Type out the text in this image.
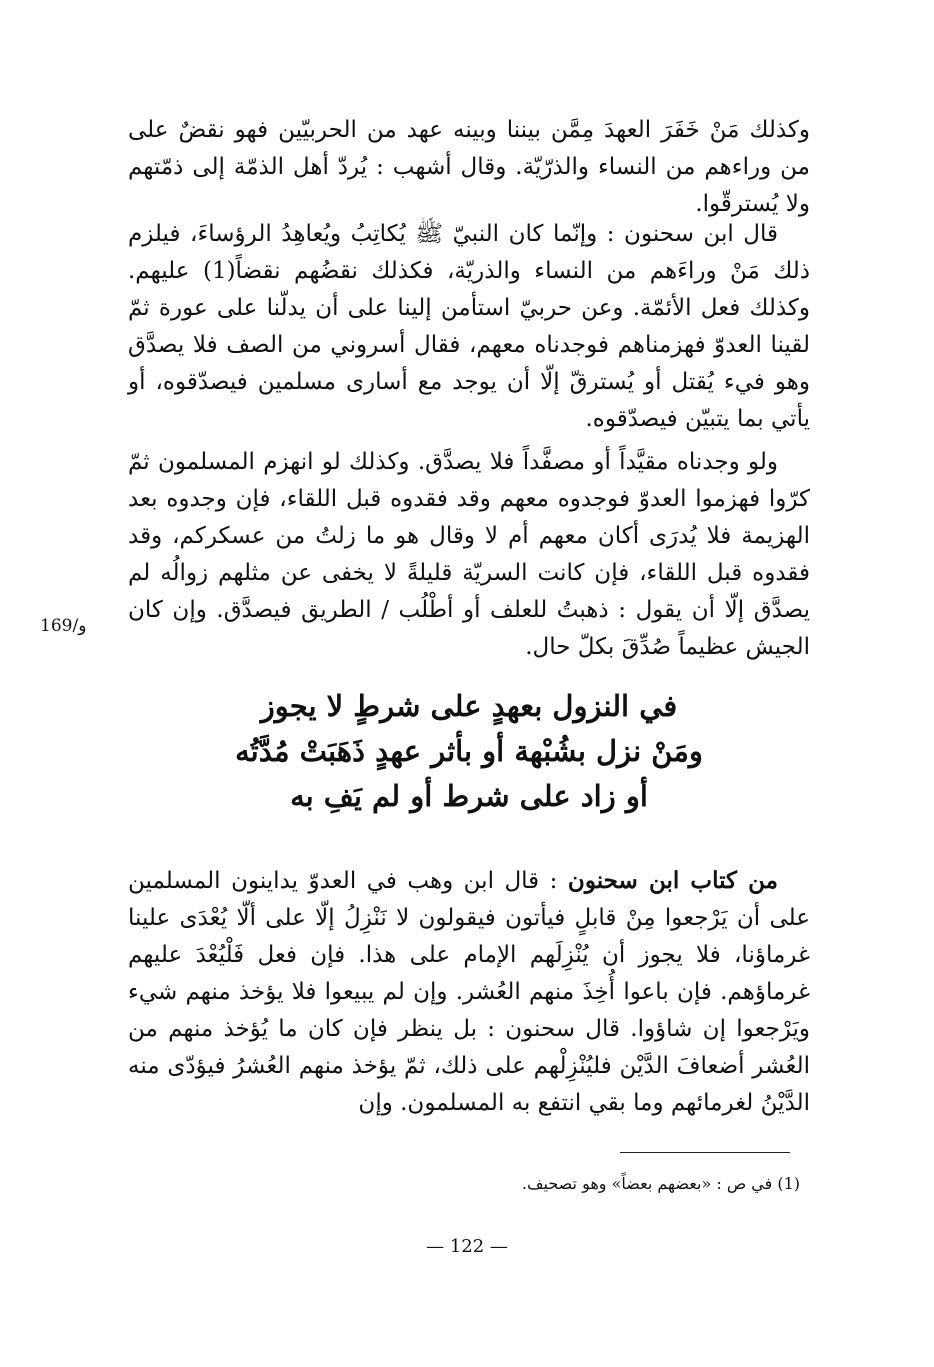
وكذلك مَنْ خَفَرَ العهدَ مِمَّن بيننا وبينه عهد من الحربيّين فهو نقضٌ على من وراءهم من النساء والذرّيّة. وقال أشهب : يُردّ أهل الذمّة إلى ذمّتهم ولا يُسترقّوا.

قال ابن سحنون : وإنّما كان النبيّ ﷺ يُكاتِبُ ويُعاهِدُ الرؤساءَ، فيلزم ذلك مَنْ وراءَهم من النساء والذريّة، فكذلك نقضُهم نقضاً(1) عليهم. وكذلك فعل الأئمّة. وعن حربيّ استأمن إلينا على أن يدلّنا على عورة ثمّ لقينا العدوّ فهزمناهم فوجدناه معهم، فقال أسروني من الصف فلا يصدَّق وهو فيء يُقتل أو يُسترقّ إلّا أن يوجد مع أسارى مسلمين فيصدّقوه، أو يأتي بما يتبيّن فيصدّقوه.

ولو وجدناه مقيَّداً أو مصفَّداً فلا يصدَّق. وكذلك لو انهزم المسلمون ثمّ كرّوا فهزموا العدوّ فوجدوه معهم وقد فقدوه قبل اللقاء، فإن وجدوه بعد الهزيمة فلا يُدرَى أكان معهم أم لا وقال هو ما زلتُ من عسكركم، وقد فقدوه قبل اللقاء، فإن كانت السريّة قليلةً لا يخفى عن مثلهم زوالُه لم يصدَّق إلّا أن يقول : ذهبتُ للعلف أو أطْلُب / الطريق فيصدَّق. وإن كان الجيش عظيماً صُدِّقَ بكلّ حال.

169/و
في النزول بعهدٍ على شرطٍ لا يجوز
ومَنْ نزل بشُبْهة أو بأثر عهدٍ ذَهَبَتْ مُدَّتُه
أو زاد على شرط أو لم يَفِ به

من كتاب ابن سحنون : قال ابن وهب في العدوّ يداينون المسلمين على أن يَرْجعوا مِنْ قابلٍ فيأتون فيقولون لا نَنْزِلُ إلّا على ألّا يُعْدَى علينا غرماؤنا، فلا يجوز أن يُنْزِلَهم الإمام على هذا. فإن فعل فَلْيُعْدَ عليهم غرماؤهم. فإن باعوا أُخِذَ منهم العُشر. وإن لم يبيعوا فلا يؤخذ منهم شيء ويَرْجعوا إن شاؤوا. قال سحنون : بل ينظر فإن كان ما يُؤخذ منهم من العُشر أضعافَ الدَّيْن فليُنْزِلْهم على ذلك، ثمّ يؤخذ منهم العُشرُ فيؤدّى منه الدَّيْنُ لغرمائهم وما بقي انتفع به المسلمون. وإن

(1) في ص : «بعضهم بعضاً» وهو تصحيف.
— 122 —
